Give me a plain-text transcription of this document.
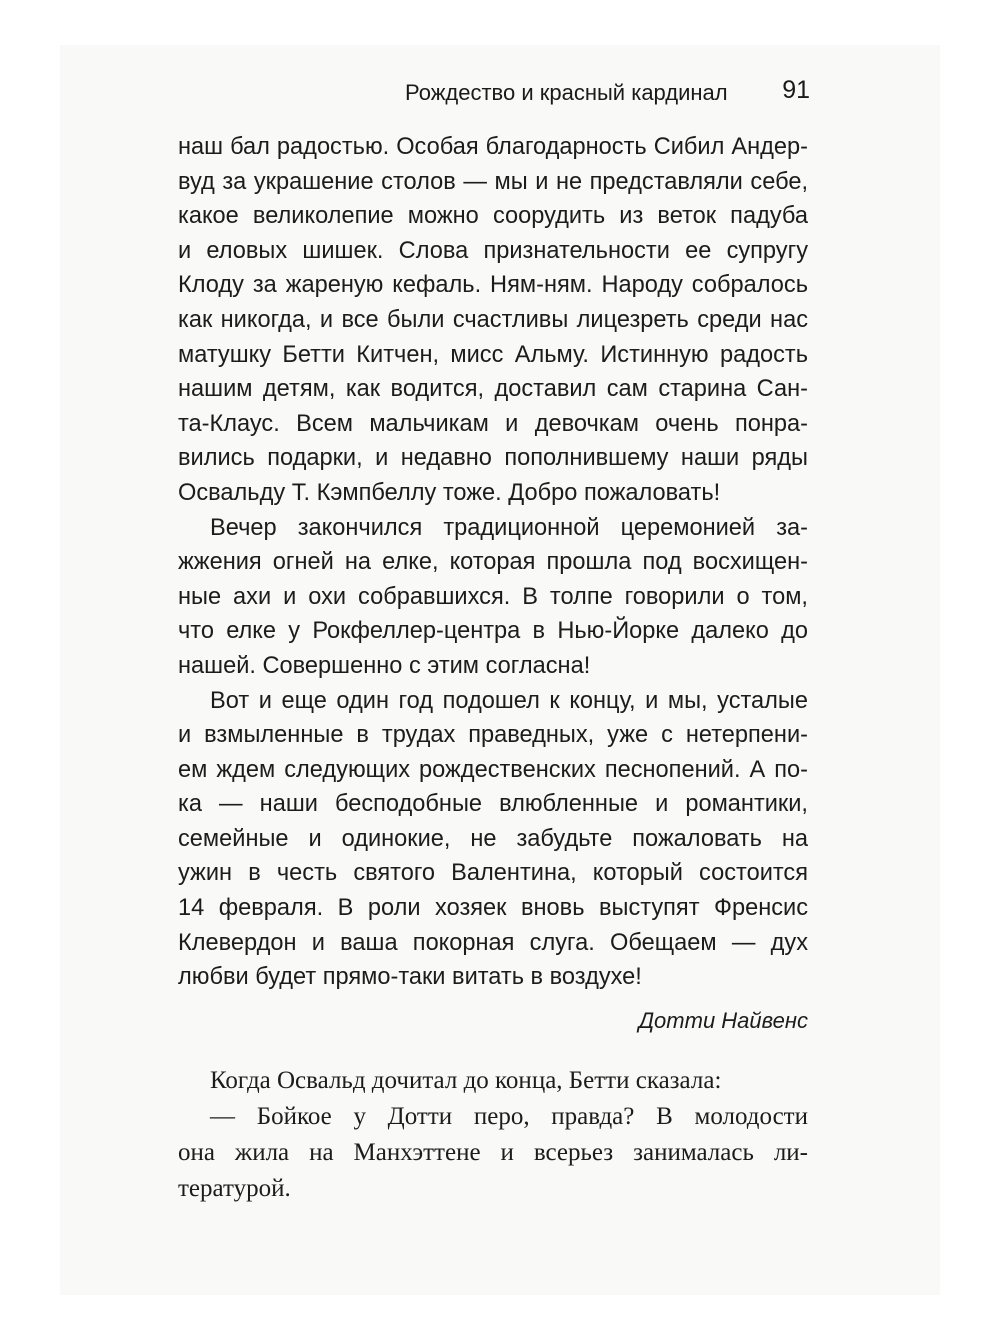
Рождество и красный кардинал 91
наш бал радостью. Особая благодарность Сибил Андер-
вуд за украшение столов — мы и не представляли себе,
какое великолепие можно соорудить из веток падуба
и еловых шишек. Слова признательности ее супругу
Клоду за жареную кефаль. Ням-ням. Народу собралось
как никогда, и все были счастливы лицезреть среди нас
матушку Бетти Китчен, мисс Альму. Истинную радость
нашим детям, как водится, доставил сам старина Сан-
та-Клаус. Всем мальчикам и девочкам очень понра-
вились подарки, и недавно пополнившему наши ряды
Освальду Т. Кэмпбеллу тоже. Добро пожаловать!
Вечер закончился традиционной церемонией за-
жжения огней на елке, которая прошла под восхищен-
ные ахи и охи собравшихся. В толпе говорили о том,
что елке у Рокфеллер-центра в Нью-Йорке далеко до
нашей. Совершенно с этим согласна!
Вот и еще один год подошел к концу, и мы, усталые
и взмыленные в трудах праведных, уже с нетерпени-
ем ждем следующих рождественских песнопений. А по-
ка — наши бесподобные влюбленные и романтики,
семейные и одинокие, не забудьте пожаловать на
ужин в честь святого Валентина, который состоится
14 февраля. В роли хозяек вновь выступят Френсис
Клевердон и ваша покорная слуга. Обещаем — дух
любви будет прямо-таки витать в воздухе!
Дотти Найвенс
Когда Освальд дочитал до конца, Бетти сказала:
— Бойкое у Дотти перо, правда? В молодости
она жила на Манхэттене и всерьез занималась ли-
тературой.
